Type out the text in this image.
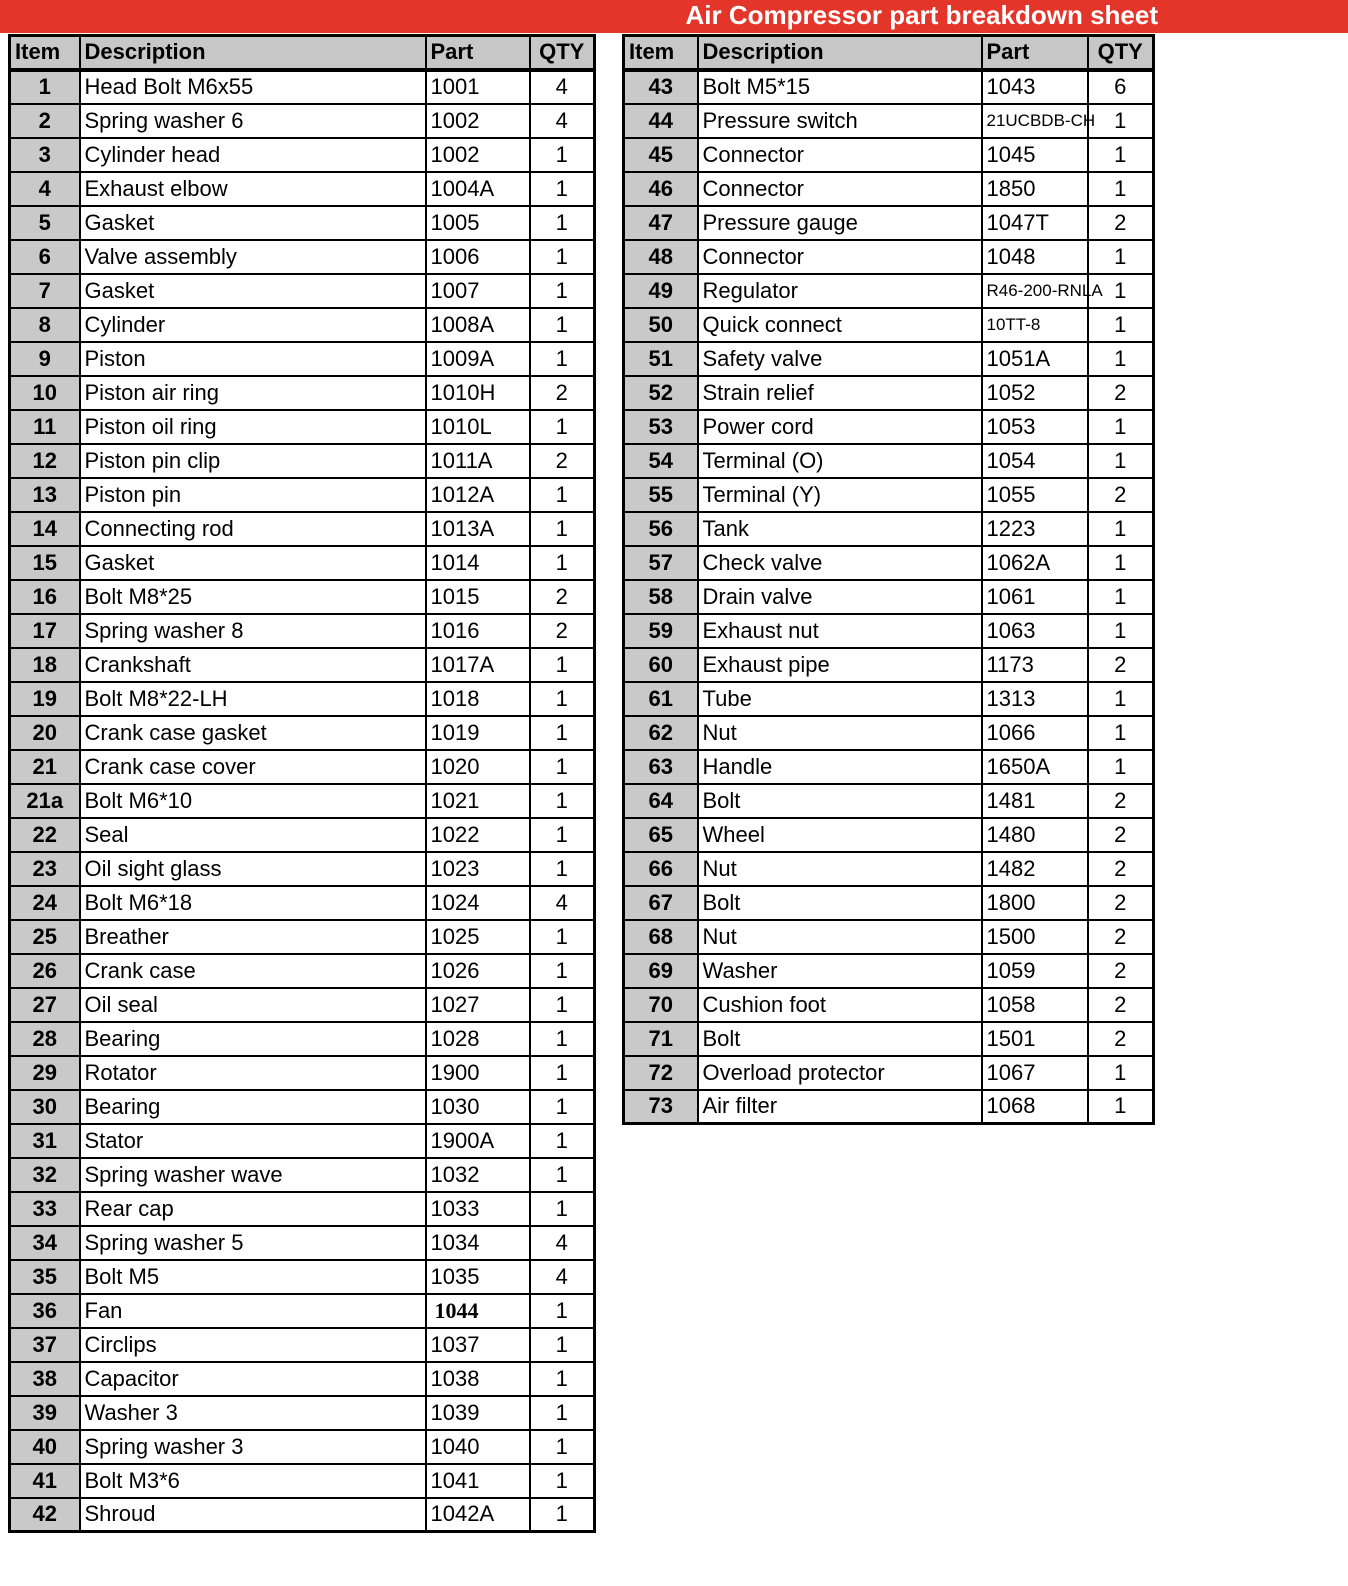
Air Compressor part breakdown sheet
Item	Description	Part	QTY
1	Head Bolt M6x55	1001	4
2	Spring washer 6	1002	4
3	Cylinder head	1002	1
4	Exhaust elbow	1004A	1
5	Gasket	1005	1
6	Valve assembly	1006	1
7	Gasket	1007	1
8	Cylinder	1008A	1
9	Piston	1009A	1
10	Piston air ring	1010H	2
11	Piston oil ring	1010L	1
12	Piston pin clip	1011A	2
13	Piston pin	1012A	1
14	Connecting rod	1013A	1
15	Gasket	1014	1
16	Bolt M8*25	1015	2
17	Spring washer 8	1016	2
18	Crankshaft	1017A	1
19	Bolt M8*22-LH	1018	1
20	Crank case gasket	1019	1
21	Crank case cover	1020	1
21a	Bolt M6*10	1021	1
22	Seal	1022	1
23	Oil sight glass	1023	1
24	Bolt M6*18	1024	4
25	Breather	1025	1
26	Crank case	1026	1
27	Oil seal	1027	1
28	Bearing	1028	1
29	Rotator	1900	1
30	Bearing	1030	1
31	Stator	1900A	1
32	Spring washer wave	1032	1
33	Rear cap	1033	1
34	Spring washer 5	1034	4
35	Bolt M5	1035	4
36	Fan	1044	1
37	Circlips	1037	1
38	Capacitor	1038	1
39	Washer 3	1039	1
40	Spring washer 3	1040	1
41	Bolt M3*6	1041	1
42	Shroud	1042A	1
Item	Description	Part	QTY
43	Bolt M5*15	1043	6
44	Pressure switch	21UCBDB-CH	1
45	Connector	1045	1
46	Connector	1850	1
47	Pressure gauge	1047T	2
48	Connector	1048	1
49	Regulator	R46-200-RNLA	1
50	Quick connect	10TT-8	1
51	Safety valve	1051A	1
52	Strain relief	1052	2
53	Power cord	1053	1
54	Terminal (O)	1054	1
55	Terminal (Y)	1055	2
56	Tank	1223	1
57	Check valve	1062A	1
58	Drain valve	1061	1
59	Exhaust nut	1063	1
60	Exhaust pipe	1173	2
61	Tube	1313	1
62	Nut	1066	1
63	Handle	1650A	1
64	Bolt	1481	2
65	Wheel	1480	2
66	Nut	1482	2
67	Bolt	1800	2
68	Nut	1500	2
69	Washer	1059	2
70	Cushion foot	1058	2
71	Bolt	1501	2
72	Overload protector	1067	1
73	Air filter	1068	1
